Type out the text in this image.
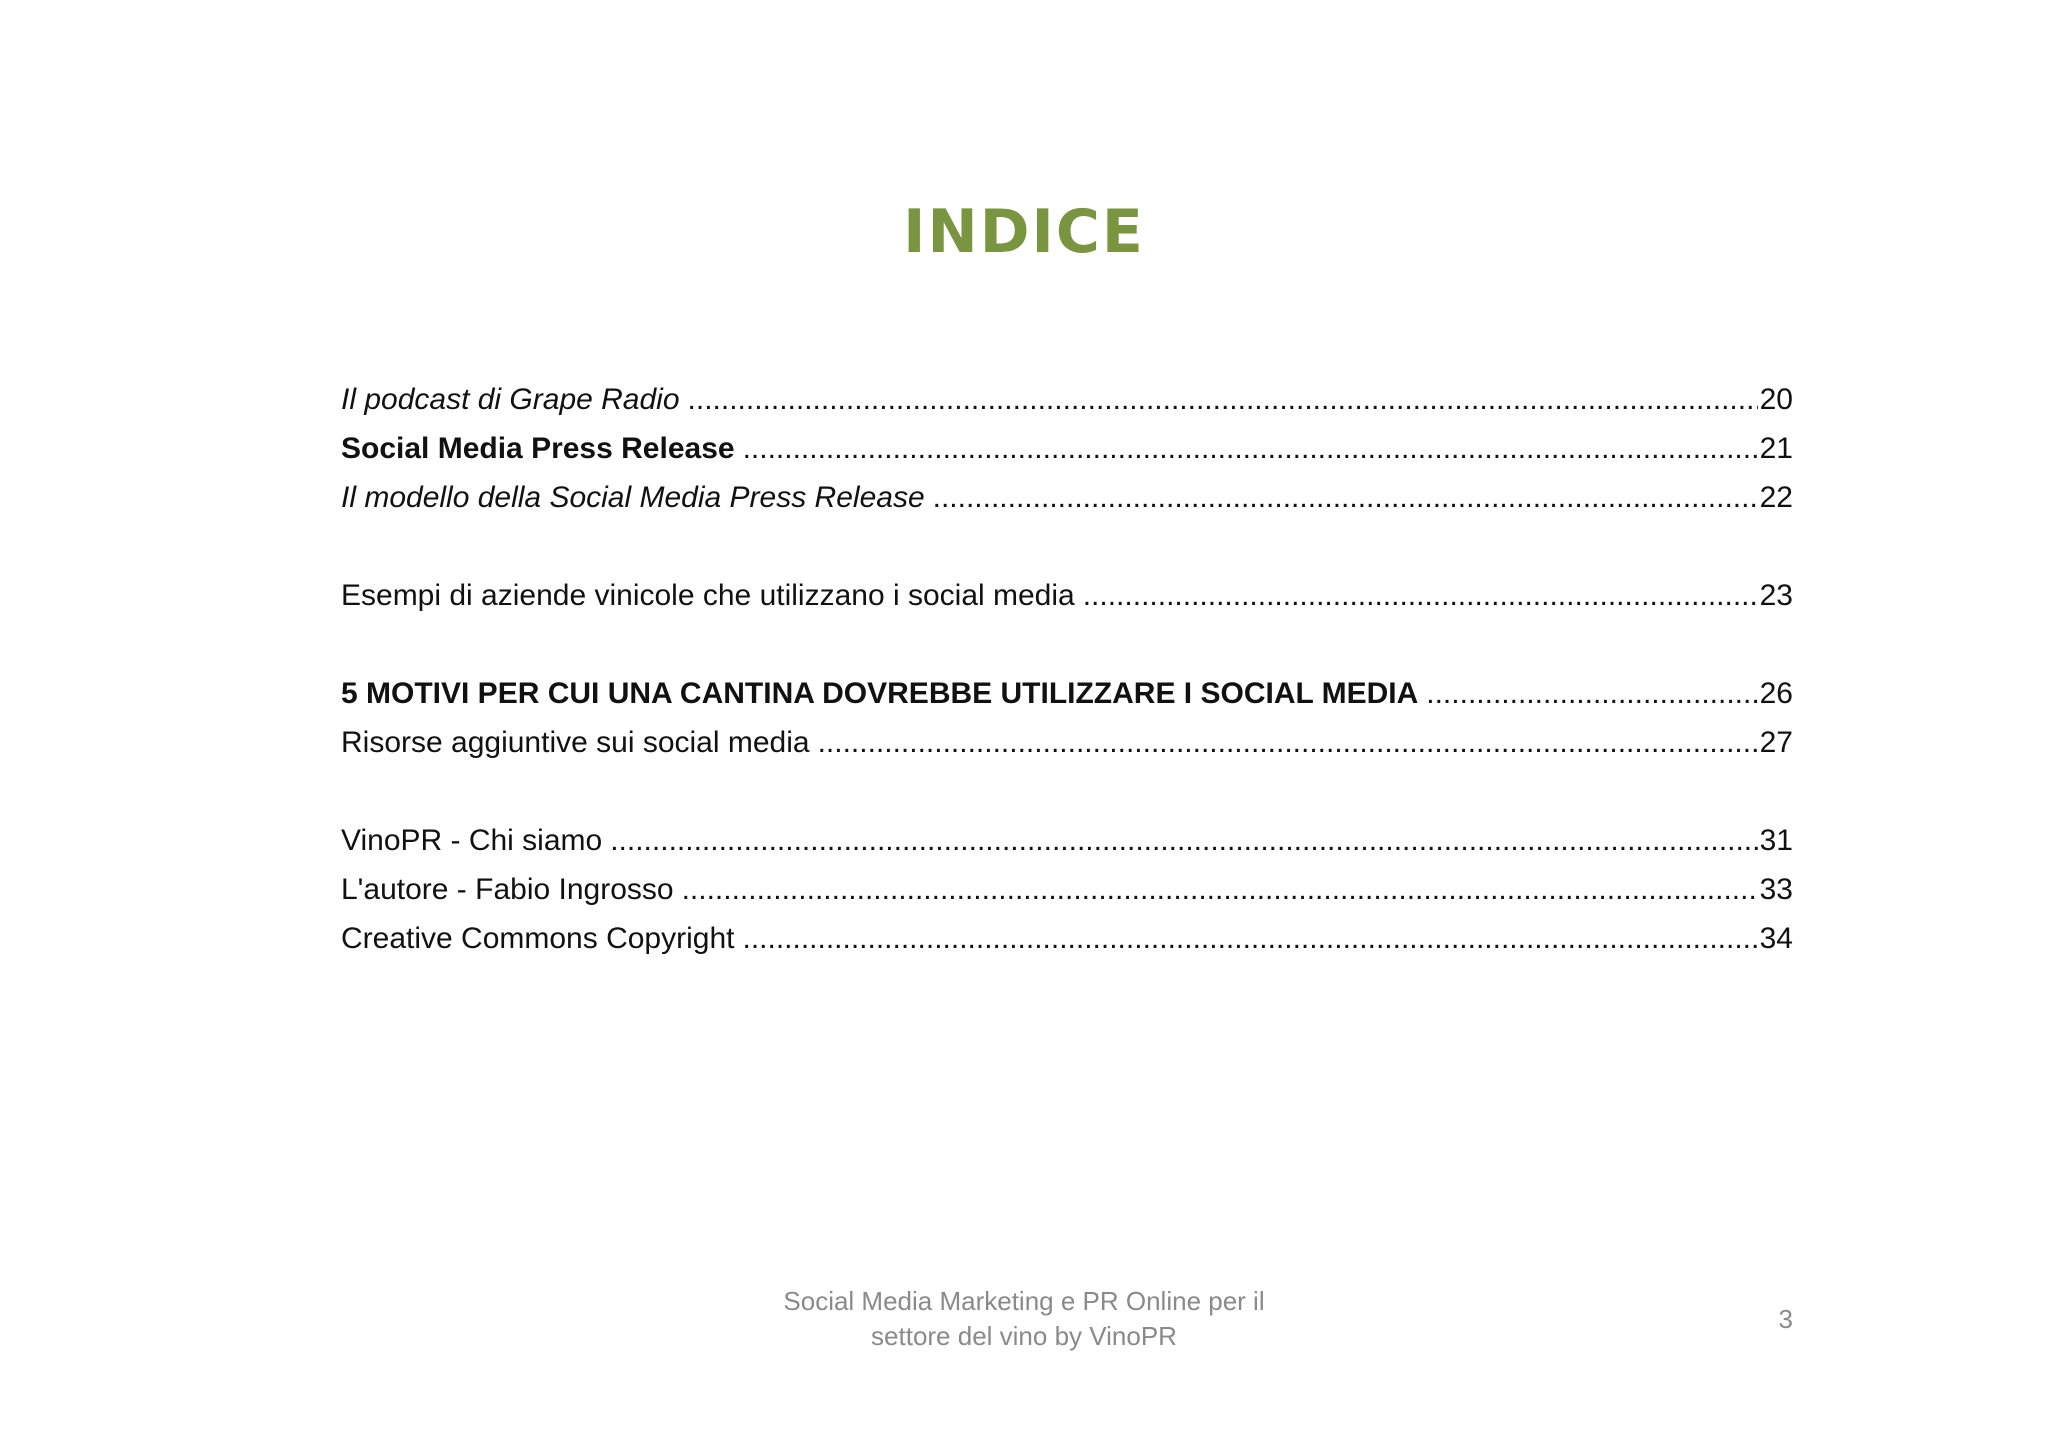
INDICE
Il podcast di Grape Radio .....	20
Social Media Press Release .....	21
Il modello della Social Media Press Release .....	22
Esempi di aziende vinicole che utilizzano i social media .....	23
5 MOTIVI PER CUI UNA CANTINA DOVREBBE UTILIZZARE I SOCIAL MEDIA .....	26
Risorse aggiuntive sui social media .....	27
VinoPR - Chi siamo .....	31
L'autore - Fabio Ingrosso .....	33
Creative Commons Copyright .....	34
Social Media Marketing e PR Online per il
settore del vino by VinoPR
3
